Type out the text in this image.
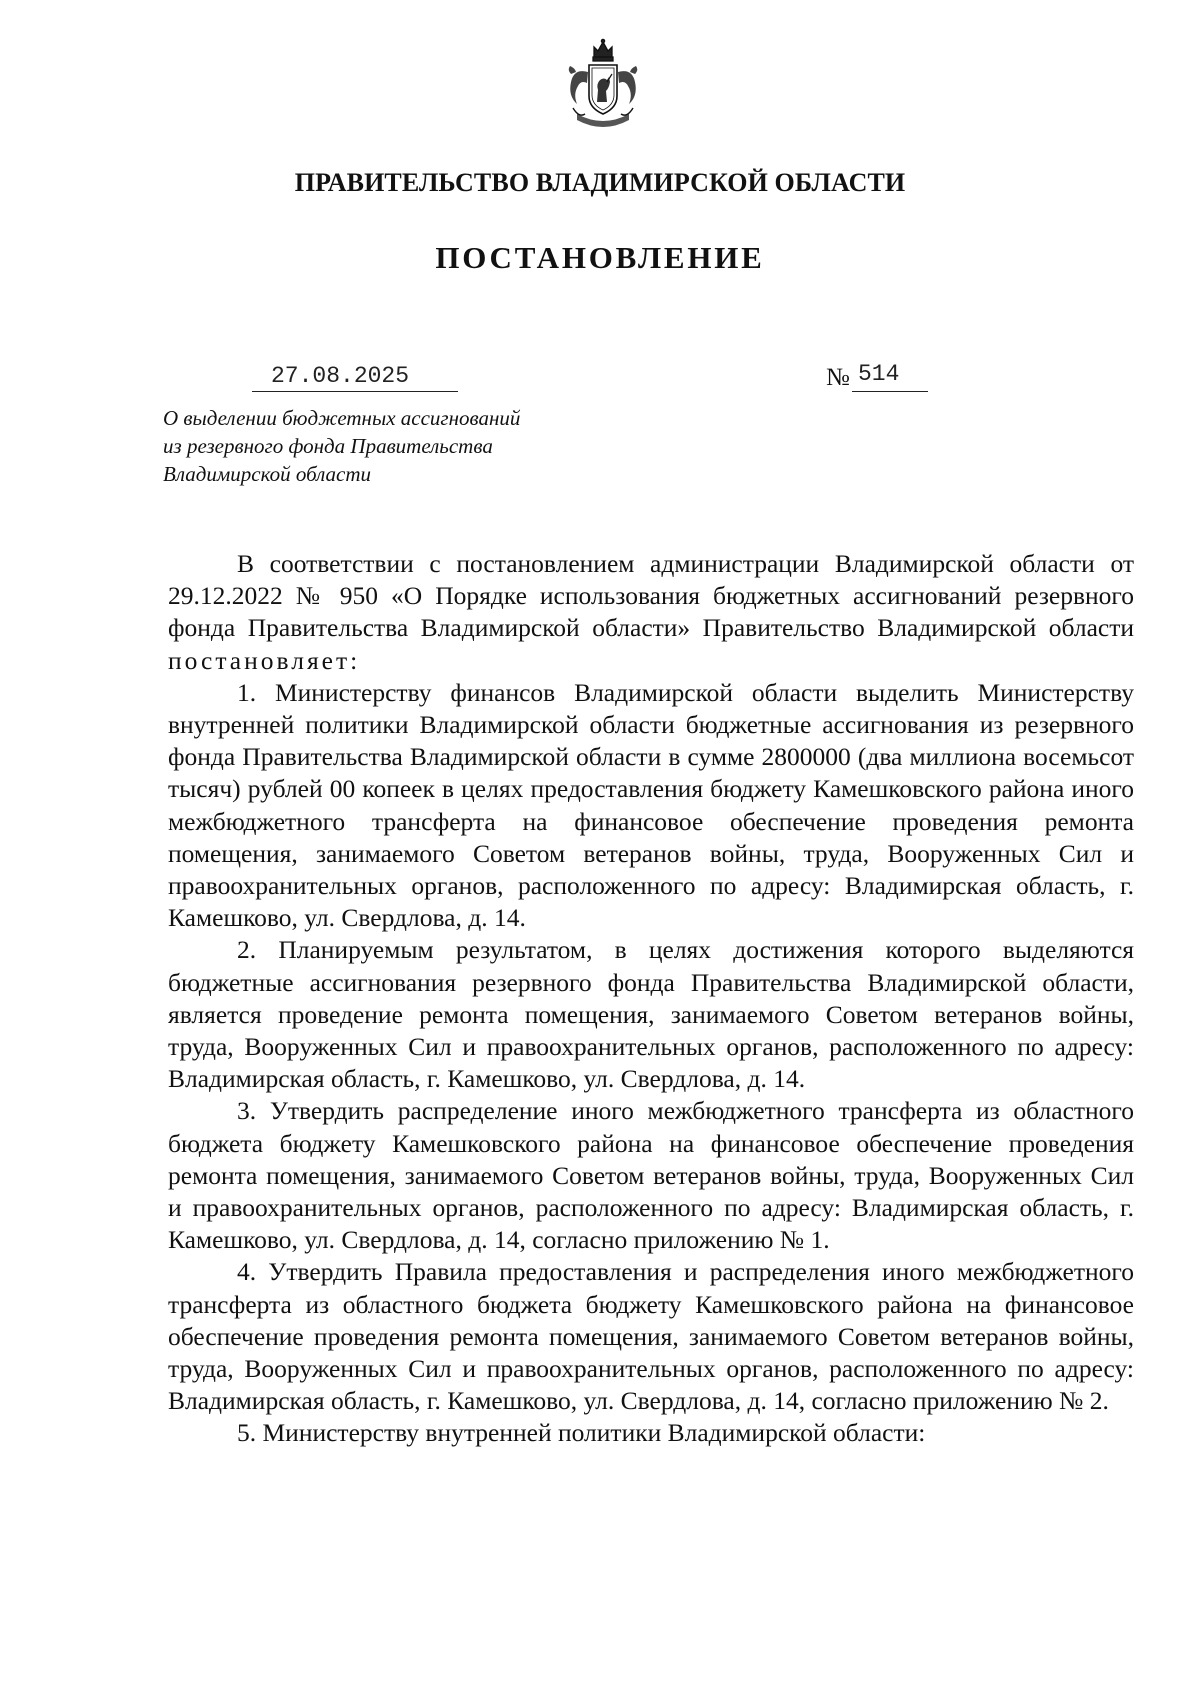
ПРАВИТЕЛЬСТВО ВЛАДИМИРСКОЙ ОБЛАСТИ
ПОСТАНОВЛЕНИЕ
27.08.2025	№ 514
О выделении бюджетных ассигнований
из резервного фонда Правительства
Владимирской области

В соответствии с постановлением администрации Владимирской области от 29.12.2022 № 950 «О Порядке использования бюджетных ассигнований резервного фонда Правительства Владимирской области» Правительство Владимирской области постановляет:

1. Министерству финансов Владимирской области выделить Министерству внутренней политики Владимирской области бюджетные ассигнования из резервного фонда Правительства Владимирской области в сумме 2800000 (два миллиона восемьсот тысяч) рублей 00 копеек в целях предоставления бюджету Камешковского района иного межбюджетного трансферта на финансовое обеспечение проведения ремонта помещения, занимаемого Советом ветеранов войны, труда, Вооруженных Сил и правоохранительных органов, расположенного по адресу: Владимирская область, г. Камешково, ул. Свердлова, д. 14.

2. Планируемым результатом, в целях достижения которого выделяются бюджетные ассигнования резервного фонда Правительства Владимирской области, является проведение ремонта помещения, занимаемого Советом ветеранов войны, труда, Вооруженных Сил и правоохранительных органов, расположенного по адресу: Владимирская область, г. Камешково, ул. Свердлова, д. 14.

3. Утвердить распределение иного межбюджетного трансферта из областного бюджета бюджету Камешковского района на финансовое обеспечение проведения ремонта помещения, занимаемого Советом ветеранов войны, труда, Вооруженных Сил и правоохранительных органов, расположенного по адресу: Владимирская область, г. Камешково, ул. Свердлова, д. 14, согласно приложению № 1.

4. Утвердить Правила предоставления и распределения иного межбюджетного трансферта из областного бюджета бюджету Камешковского района на финансовое обеспечение проведения ремонта помещения, занимаемого Советом ветеранов войны, труда, Вооруженных Сил и правоохранительных органов, расположенного по адресу: Владимирская область, г. Камешково, ул. Свердлова, д. 14, согласно приложению № 2.

5. Министерству внутренней политики Владимирской области:
